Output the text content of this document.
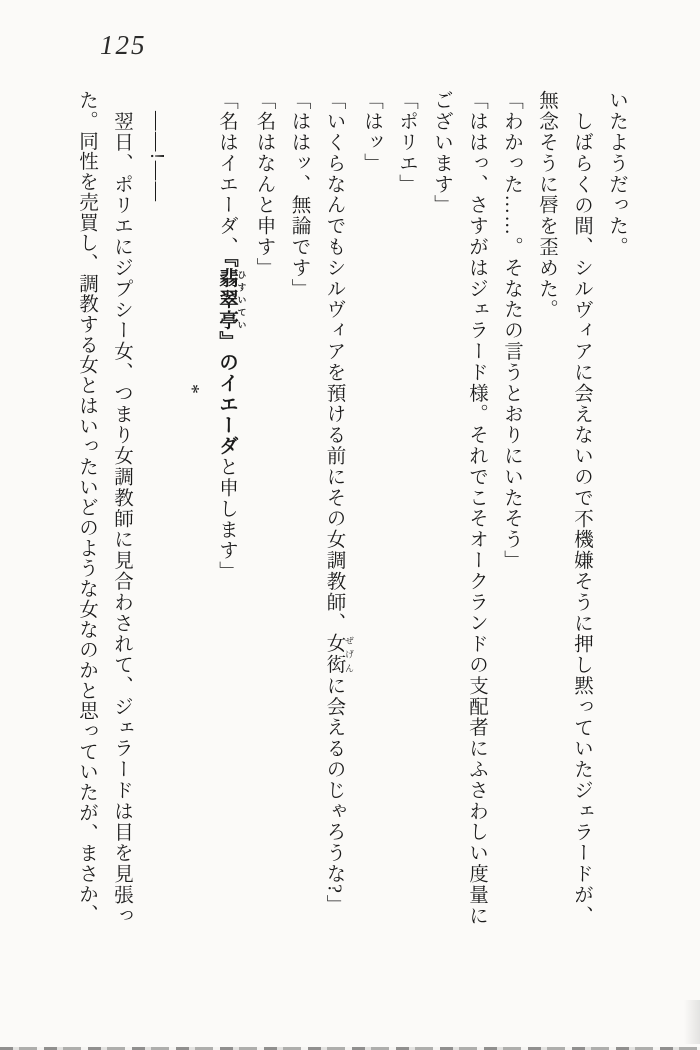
125

いたようだった。

しばらくの間、シルヴィアに会えないので不機嫌そうに押し黙っていたジェラードが、

無念そうに唇を歪めた。

「わかった……。そなたの言うとおりにいたそう」

「ははっ、さすがはジェラード様。それでこそオークランドの支配者にふさわしい度量に

ございます」

「ポリエ」

「はッ」

「いくらなんでもシルヴィアを預ける前にその女調教師、女衒 ぜげんに会えるのじゃろうな?」

「ははッ、無論です」

「名はなんと申す」

「名はイエーダ、『翡翠亭 ひすいてい』のイエーダと申します」

*

――!――

翌日、ポリエにジプシー女、つまり女調教師に見合わされて、ジェラードは目を見張っ

た。同性を売買し、調教する女とはいったいどのような女なのかと思っていたが、まさか、
